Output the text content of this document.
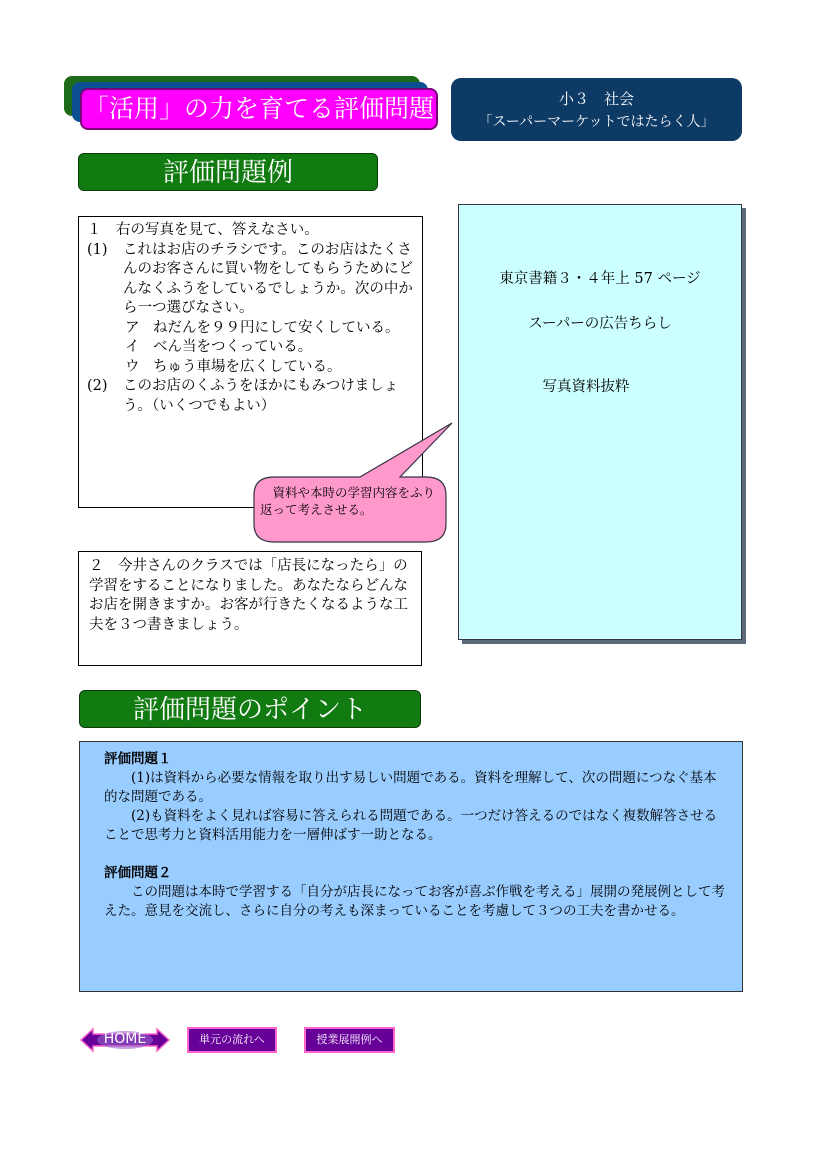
「活用」の力を育てる評価問題	小３　社会
「スーパーマーケットではたらく人」
評価問題例
１　右の写真を見て、答えなさい。
(1)	これはお店のチラシです。このお店はたくさんのお客さんに買い物をしてもらうためにどんなくふうをしているでしょうか。次の中から一つ選びなさい。
ア ねだんを９９円にして安くしている。
イ べん当をつくっている。
ウ ちゅう車場を広くしている。
(2)	このお店のくふうをほかにもみつけましょう。（いくつでもよい）
２　今井さんのクラスでは「店長になったら」の学習をすることになりました。あなたならどんなお店を開きますか。お客が行きたくなるような工夫を３つ書きましょう。
東京書籍３・４年上 57 ページ
スーパーの広告ちらし
写真資料抜粋
　資料や本時の学習内容をふり返って考えさせる。
評価問題のポイント
評価問題１

(1)は資料から必要な情報を取り出す易しい問題である。資料を理解して、次の問題につなぐ基本的な問題である。

(2)も資料をよく見れば容易に答えられる問題である。一つだけ答えるのではなく複数解答させることで思考力と資料活用能力を一層伸ばす一助となる。

評価問題２

この問題は本時で学習する「自分が店長になってお客が喜ぶ作戦を考える」展開の発展例として考えた。意見を交流し、さらに自分の考えも深まっていることを考慮して３つの工夫を書かせる。

HOME	単元の流れへ	授業展開例へ
